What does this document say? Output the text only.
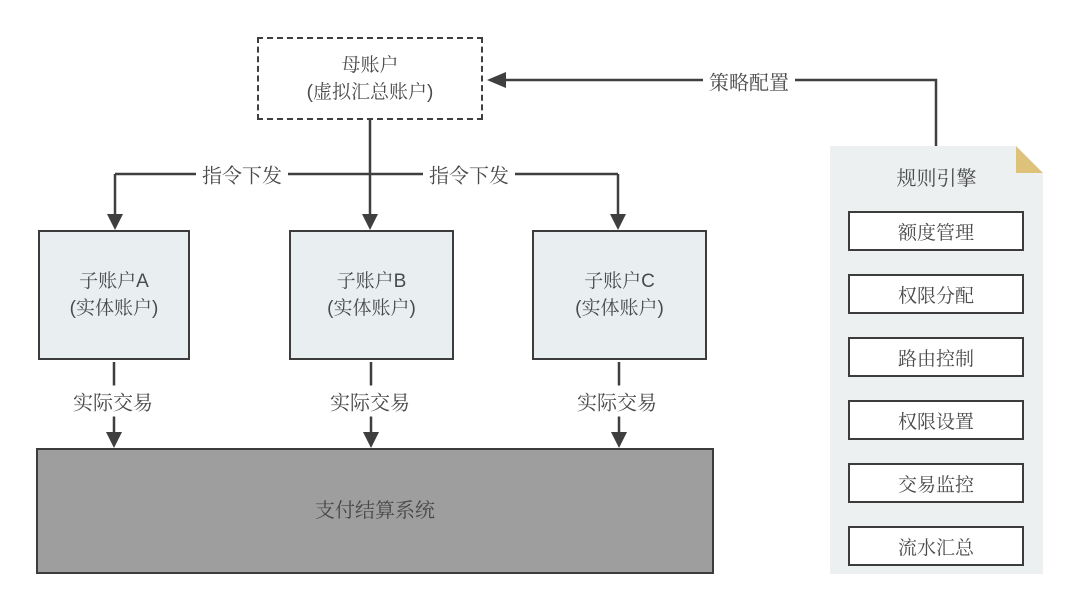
母账户
(虚拟汇总账户)	策略配置
指令下发	指令下发
实际交易	实际交易	实际交易
子账户A
(实体账户)
子账户B
(实体账户)
子账户C
(实体账户)
支付结算系统
规则引擎
额度管理
权限分配
路由控制
权限设置
交易监控
流水汇总
